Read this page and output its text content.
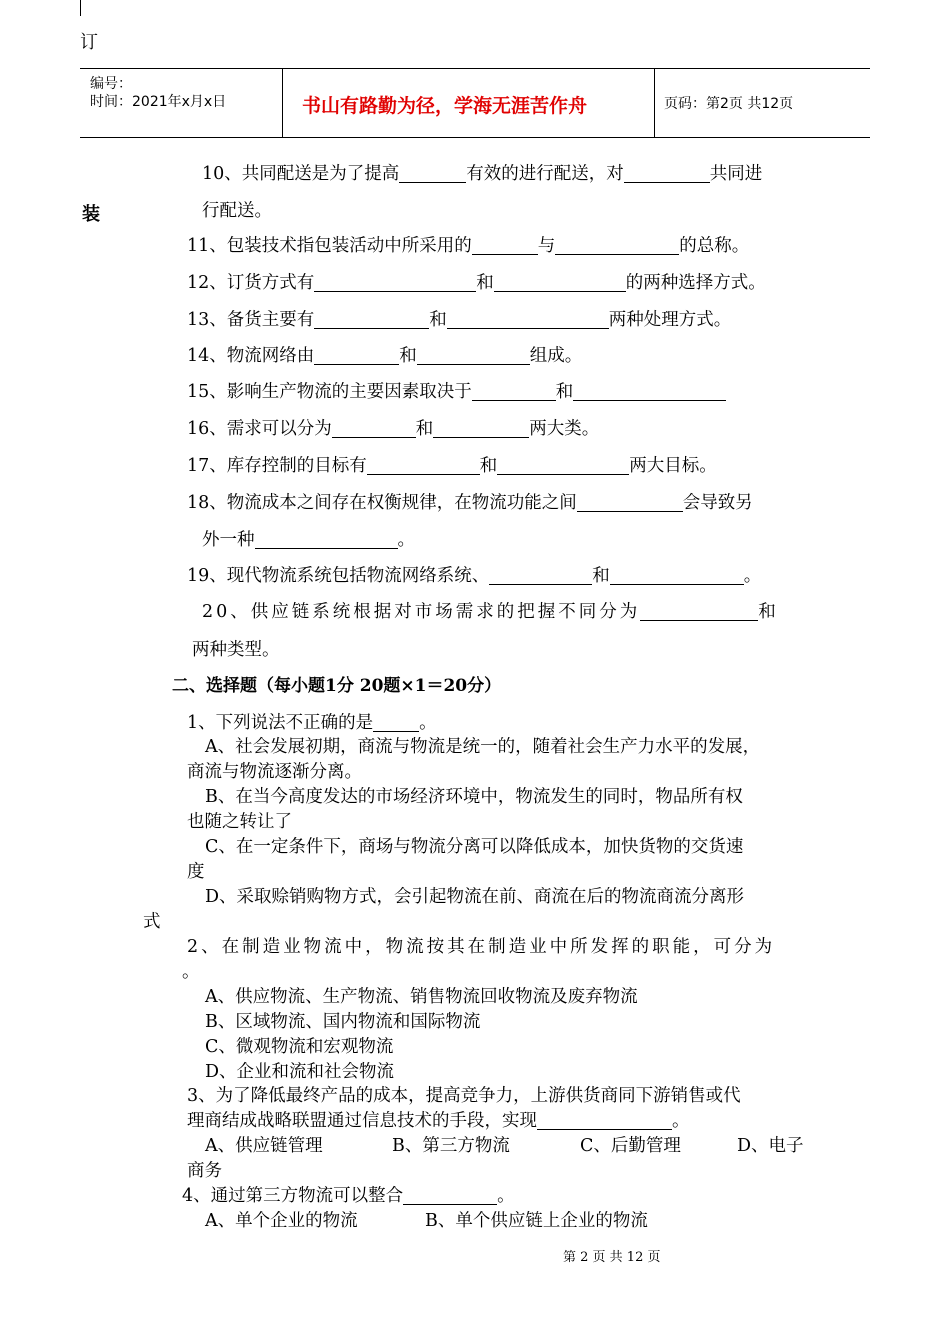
订
装
编号：
时间：2021年x月x日	书山有路勤为径，学海无涯苦作舟	页码：第2页 共12页
10、共同配送是为了提高	有效的进行配送，对	共同进
行配送。
11、包装技术指包装活动中所采用的	与	的总称。
12、订货方式有	和	的两种选择方式。
13、备货主要有	和	两种处理方式。
14、物流网络由	和	组成。
15、影响生产物流的主要因素取决于	和
16、需求可以分为	和	两大类。
17、库存控制的目标有	和	两大目标。
18、物流成本之间存在权衡规律，在物流功能之间	会导致另
外一种	。
19、现代物流系统包括物流网络系统、	和	。
20、供应链系统根据对市场需求的把握不同分为	和
两种类型。
二、选择题（每小题1分 20题×1＝20分）
1、下列说法不正确的是	。
A、社会发展初期，商流与物流是统一的，随着社会生产力水平的发展，
商流与物流逐渐分离。
B、在当今高度发达的市场经济环境中，物流发生的同时，物品所有权
也随之转让了
C、在一定条件下，商场与物流分离可以降低成本，加快货物的交货速
度
D、采取赊销购物方式，会引起物流在前、商流在后的物流商流分离形
式
2、在制造业物流中，物流按其在制造业中所发挥的职能，可分为
。
A、供应物流、生产物流、销售物流回收物流及废弃物流
B、区域物流、国内物流和国际物流
C、微观物流和宏观物流
D、企业和流和社会物流
3、为了降低最终产品的成本，提高竞争力，上游供货商同下游销售或代
理商结成战略联盟通过信息技术的手段，实现	。
A、供应链管理	B、第三方物流	C、后勤管理	D、电子
商务
4、通过第三方物流可以整合	。
A、单个企业的物流	B、单个供应链上企业的物流
第 2 页 共 12 页
